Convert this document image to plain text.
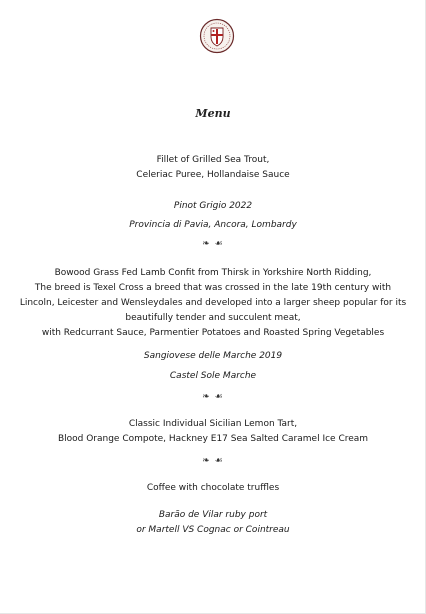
Menu
Fillet of Grilled Sea Trout,
Celeriac Puree, Hollandaise Sauce
Pinot Grigio 2022
Provincia di Pavia, Ancora, Lombardy
❧ ☙
Bowood Grass Fed Lamb Confit from Thirsk in Yorkshire North Ridding,
The breed is Texel Cross a breed that was crossed in the late 19th century with
Lincoln, Leicester and Wensleydales and developed into a larger sheep popular for its
beautifully tender and succulent meat,
with Redcurrant Sauce, Parmentier Potatoes and Roasted Spring Vegetables
Sangiovese delle Marche 2019
Castel Sole Marche
❧ ☙
Classic Individual Sicilian Lemon Tart,
Blood Orange Compote, Hackney E17 Sea Salted Caramel Ice Cream
❧ ☙
Coffee with chocolate truffles
Barão de Vilar ruby port
or Martell VS Cognac or Cointreau
